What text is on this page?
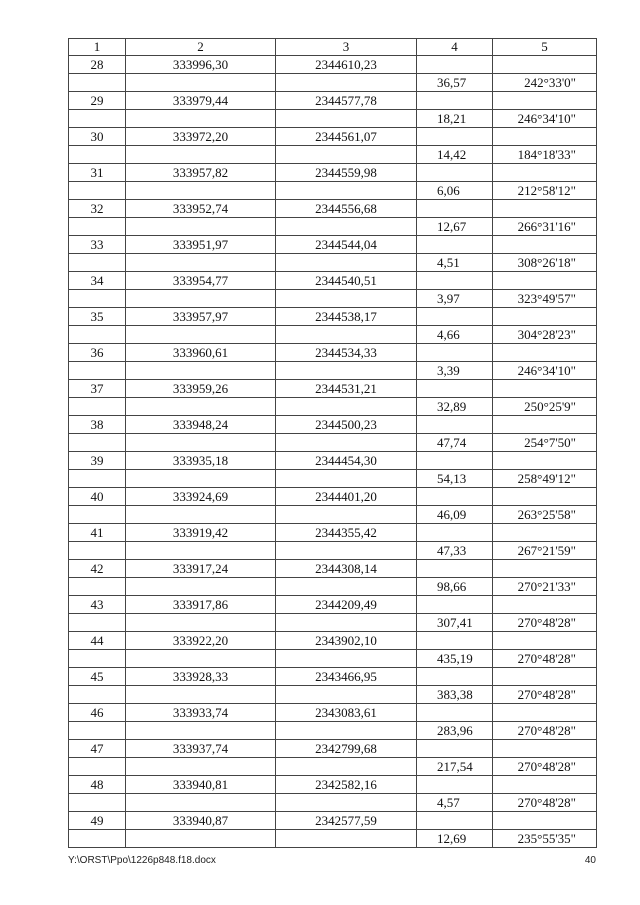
1	2	3	4	5
28	333996,30	2344610,23		
			36,57	242°33'0"
29	333979,44	2344577,78		
			18,21	246°34'10"
30	333972,20	2344561,07		
			14,42	184°18'33"
31	333957,82	2344559,98		
			6,06	212°58'12"
32	333952,74	2344556,68		
			12,67	266°31'16"
33	333951,97	2344544,04		
			4,51	308°26'18"
34	333954,77	2344540,51		
			3,97	323°49'57"
35	333957,97	2344538,17		
			4,66	304°28'23"
36	333960,61	2344534,33		
			3,39	246°34'10"
37	333959,26	2344531,21		
			32,89	250°25'9"
38	333948,24	2344500,23		
			47,74	254°7'50"
39	333935,18	2344454,30		
			54,13	258°49'12"
40	333924,69	2344401,20		
			46,09	263°25'58"
41	333919,42	2344355,42		
			47,33	267°21'59"
42	333917,24	2344308,14		
			98,66	270°21'33"
43	333917,86	2344209,49		
			307,41	270°48'28"
44	333922,20	2343902,10		
			435,19	270°48'28"
45	333928,33	2343466,95		
			383,38	270°48'28"
46	333933,74	2343083,61		
			283,96	270°48'28"
47	333937,74	2342799,68		
			217,54	270°48'28"
48	333940,81	2342582,16		
			4,57	270°48'28"
49	333940,87	2342577,59		
			12,69	235°55'35"
Y:\ORST\Ppo\1226p848.f18.docx	40
